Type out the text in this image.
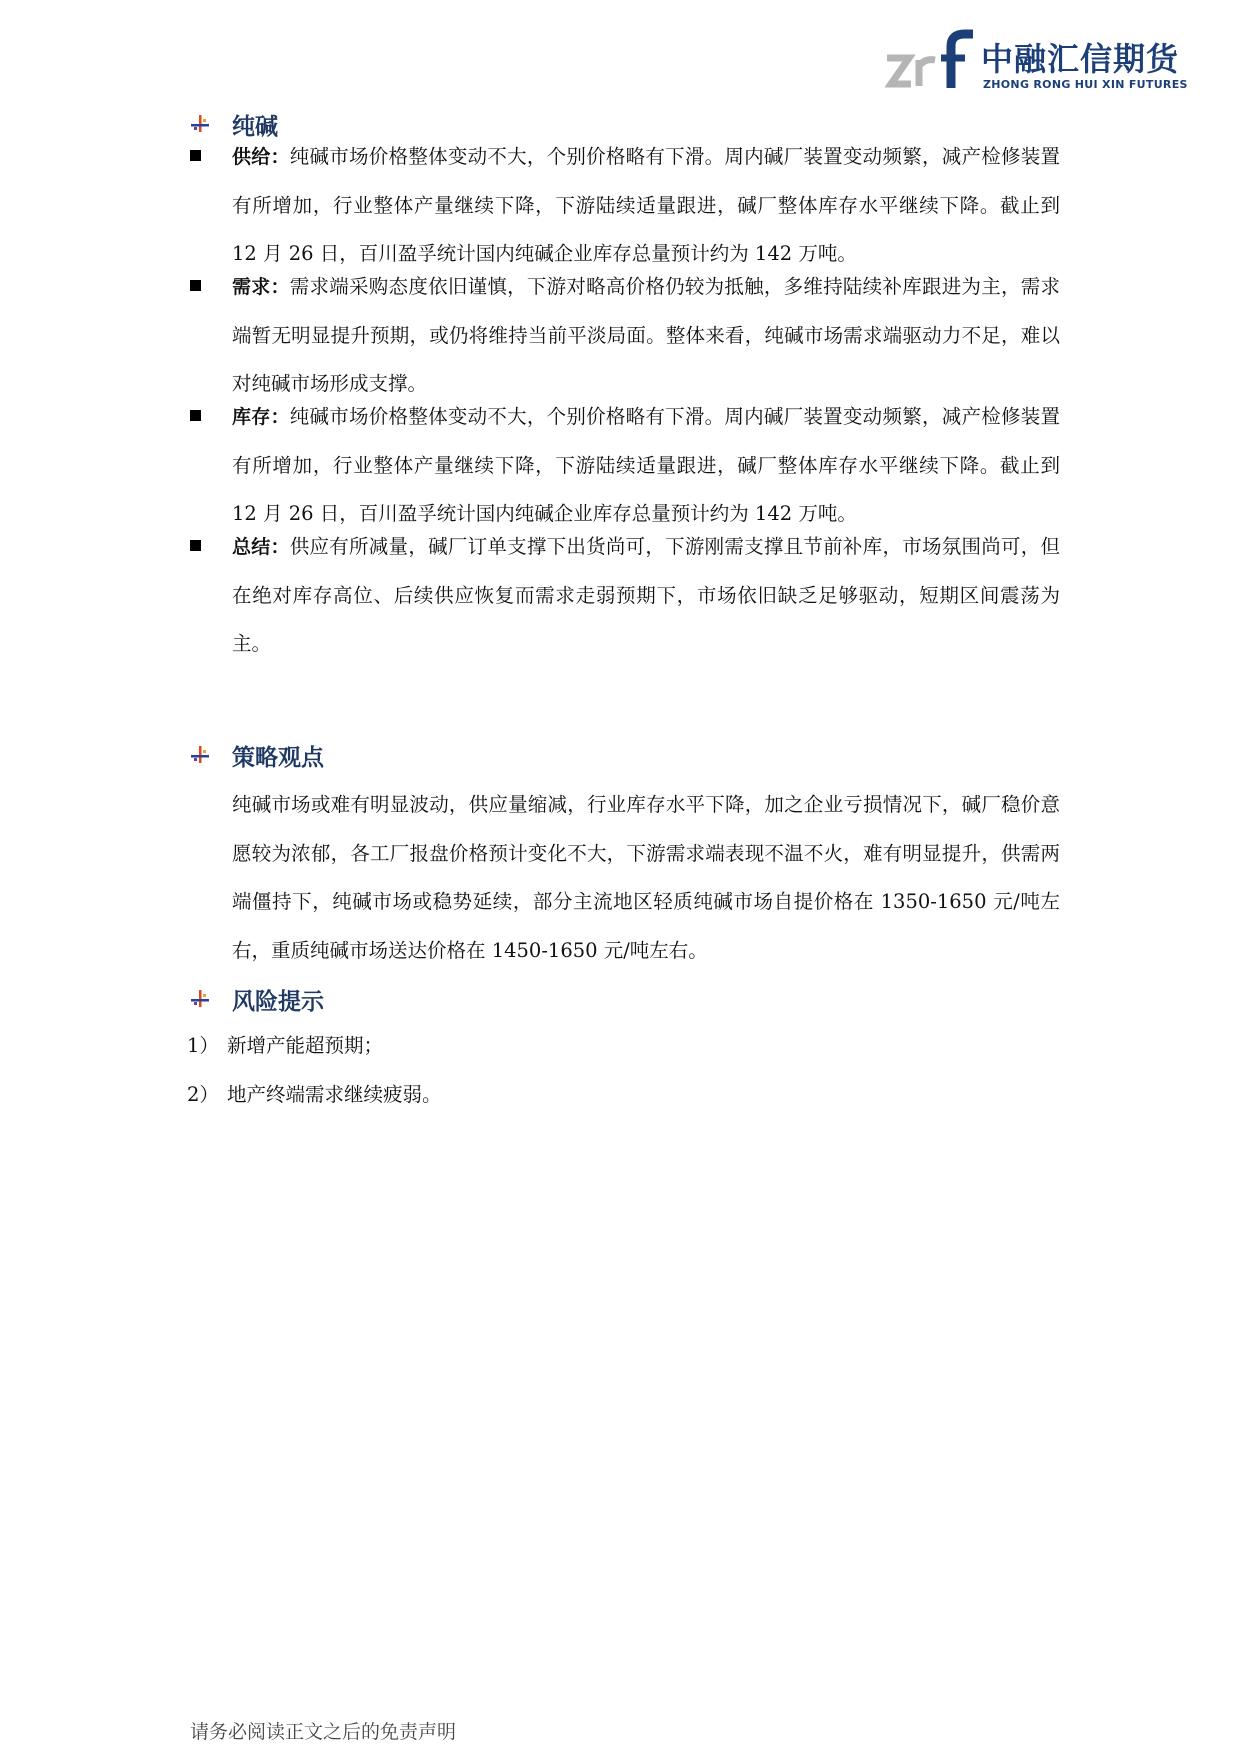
中融汇信期货
ZHONG RONG HUI XIN FUTURES
纯碱
供给：纯碱市场价格整体变动不大，个别价格略有下滑。周内碱厂装置变动频繁，减产检修装置有所增加，行业整体产量继续下降，下游陆续适量跟进，碱厂整体库存水平继续下降。截止到 12 月 26 日，百川盈孚统计国内纯碱企业库存总量预计约为 142 万吨。
需求：需求端采购态度依旧谨慎，下游对略高价格仍较为抵触，多维持陆续补库跟进为主，需求端暂无明显提升预期，或仍将维持当前平淡局面。整体来看，纯碱市场需求端驱动力不足，难以对纯碱市场形成支撑。
库存：纯碱市场价格整体变动不大，个别价格略有下滑。周内碱厂装置变动频繁，减产检修装置有所增加，行业整体产量继续下降，下游陆续适量跟进，碱厂整体库存水平继续下降。截止到 12 月 26 日，百川盈孚统计国内纯碱企业库存总量预计约为 142 万吨。
总结：供应有所减量，碱厂订单支撑下出货尚可，下游刚需支撑且节前补库，市场氛围尚可，但在绝对库存高位、后续供应恢复而需求走弱预期下，市场依旧缺乏足够驱动，短期区间震荡为主。
策略观点
纯碱市场或难有明显波动，供应量缩减，行业库存水平下降，加之企业亏损情况下，碱厂稳价意愿较为浓郁，各工厂报盘价格预计变化不大，下游需求端表现不温不火，难有明显提升，供需两端僵持下，纯碱市场或稳势延续，部分主流地区轻质纯碱市场自提价格在 1350-1650 元/吨左右，重质纯碱市场送达价格在 1450-1650 元/吨左右。
风险提示
1） 新增产能超预期；
2） 地产终端需求继续疲弱。
请务必阅读正文之后的免责声明
